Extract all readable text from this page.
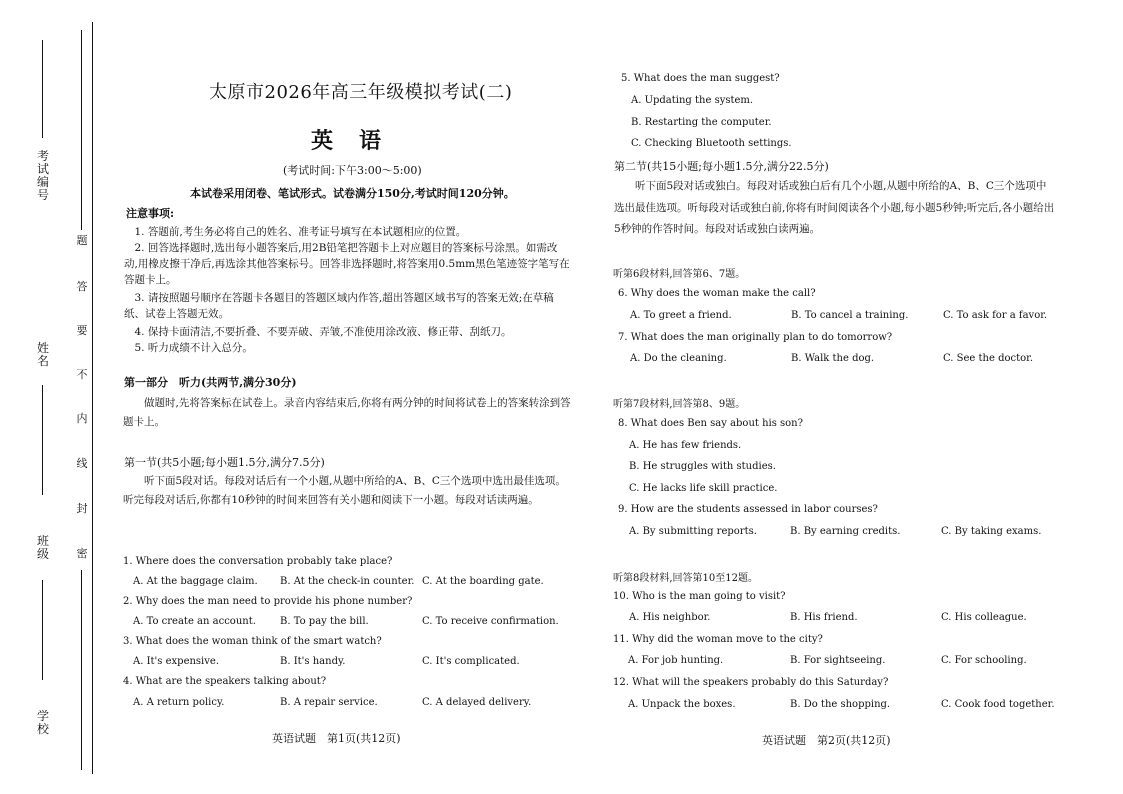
考试编号
姓名
班级
学校
题
答
要
不
内
线
封
密
太原市2026年高三年级模拟考试(二)
英语
(考试时间:下午3:00～5:00)
本试卷采用闭卷、笔试形式。试卷满分150分,考试时间120分钟。
注意事项:
1. 答题前,考生务必将自己的姓名、准考证号填写在本试题相应的位置。
2. 回答选择题时,选出每小题答案后,用2B铅笔把答题卡上对应题目的答案标号涂黑。如需改动,用橡皮擦干净后,再选涂其他答案标号。回答非选择题时,将答案用0.5mm黑色笔迹签字笔写在答题卡上。
3. 请按照题号顺序在答题卡各题目的答题区域内作答,超出答题区域书写的答案无效;在草稿纸、试卷上答题无效。
4. 保持卡面清洁,不要折叠、不要弄破、弄皱,不准使用涂改液、修正带、刮纸刀。
5. 听力成绩不计入总分。
第一部分　听力(共两节,满分30分)
做题时,先将答案标在试卷上。录音内容结束后,你将有两分钟的时间将试卷上的答案转涂到答题卡上。
第一节(共5小题;每小题1.5分,满分7.5分)
听下面5段对话。每段对话后有一个小题,从题中所给的A、B、C三个选项中选出最佳选项。听完每段对话后,你都有10秒钟的时间来回答有关小题和阅读下一小题。每段对话读两遍。
1. Where does the conversation probably take place?
A. At the baggage claim. B. At the check-in counter. C. At the boarding gate.
2. Why does the man need to provide his phone number?
A. To create an account. B. To pay the bill.	C. To receive confirmation.
3. What does the woman think of the smart watch?
A. It's expensive.	B. It's handy.	C. It's complicated.
4. What are the speakers talking about?
A. A return policy.	B. A repair service.	C. A delayed delivery.
英语试题　第1页(共12页)
5. What does the man suggest?
A. Updating the system.
B. Restarting the computer.
C. Checking Bluetooth settings.
第二节(共15小题;每小题1.5分,满分22.5分)
听下面5段对话或独白。每段对话或独白后有几个小题,从题中所给的A、B、C三个选项中选出最佳选项。听每段对话或独白前,你将有时间阅读各个小题,每小题5秒钟;听完后,各小题给出5秒钟的作答时间。每段对话或独白读两遍。
听第6段材料,回答第6、7题。
6. Why does the woman make the call?
A. To greet a friend.	B. To cancel a training.	C. To ask for a favor.
7. What does the man originally plan to do tomorrow?
A. Do the cleaning.	B. Walk the dog.	C. See the doctor.
听第7段材料,回答第8、9题。
8. What does Ben say about his son?
A. He has few friends.
B. He struggles with studies.
C. He lacks life skill practice.
9. How are the students assessed in labor courses?
A. By submitting reports.	B. By earning credits.	C. By taking exams.
听第8段材料,回答第10至12题。
10. Who is the man going to visit?
A. His neighbor.	B. His friend.	C. His colleague.
11. Why did the woman move to the city?
A. For job hunting.	B. For sightseeing.	C. For schooling.
12. What will the speakers probably do this Saturday?
A. Unpack the boxes.	B. Do the shopping.	C. Cook food together.
英语试题　第2页(共12页)
